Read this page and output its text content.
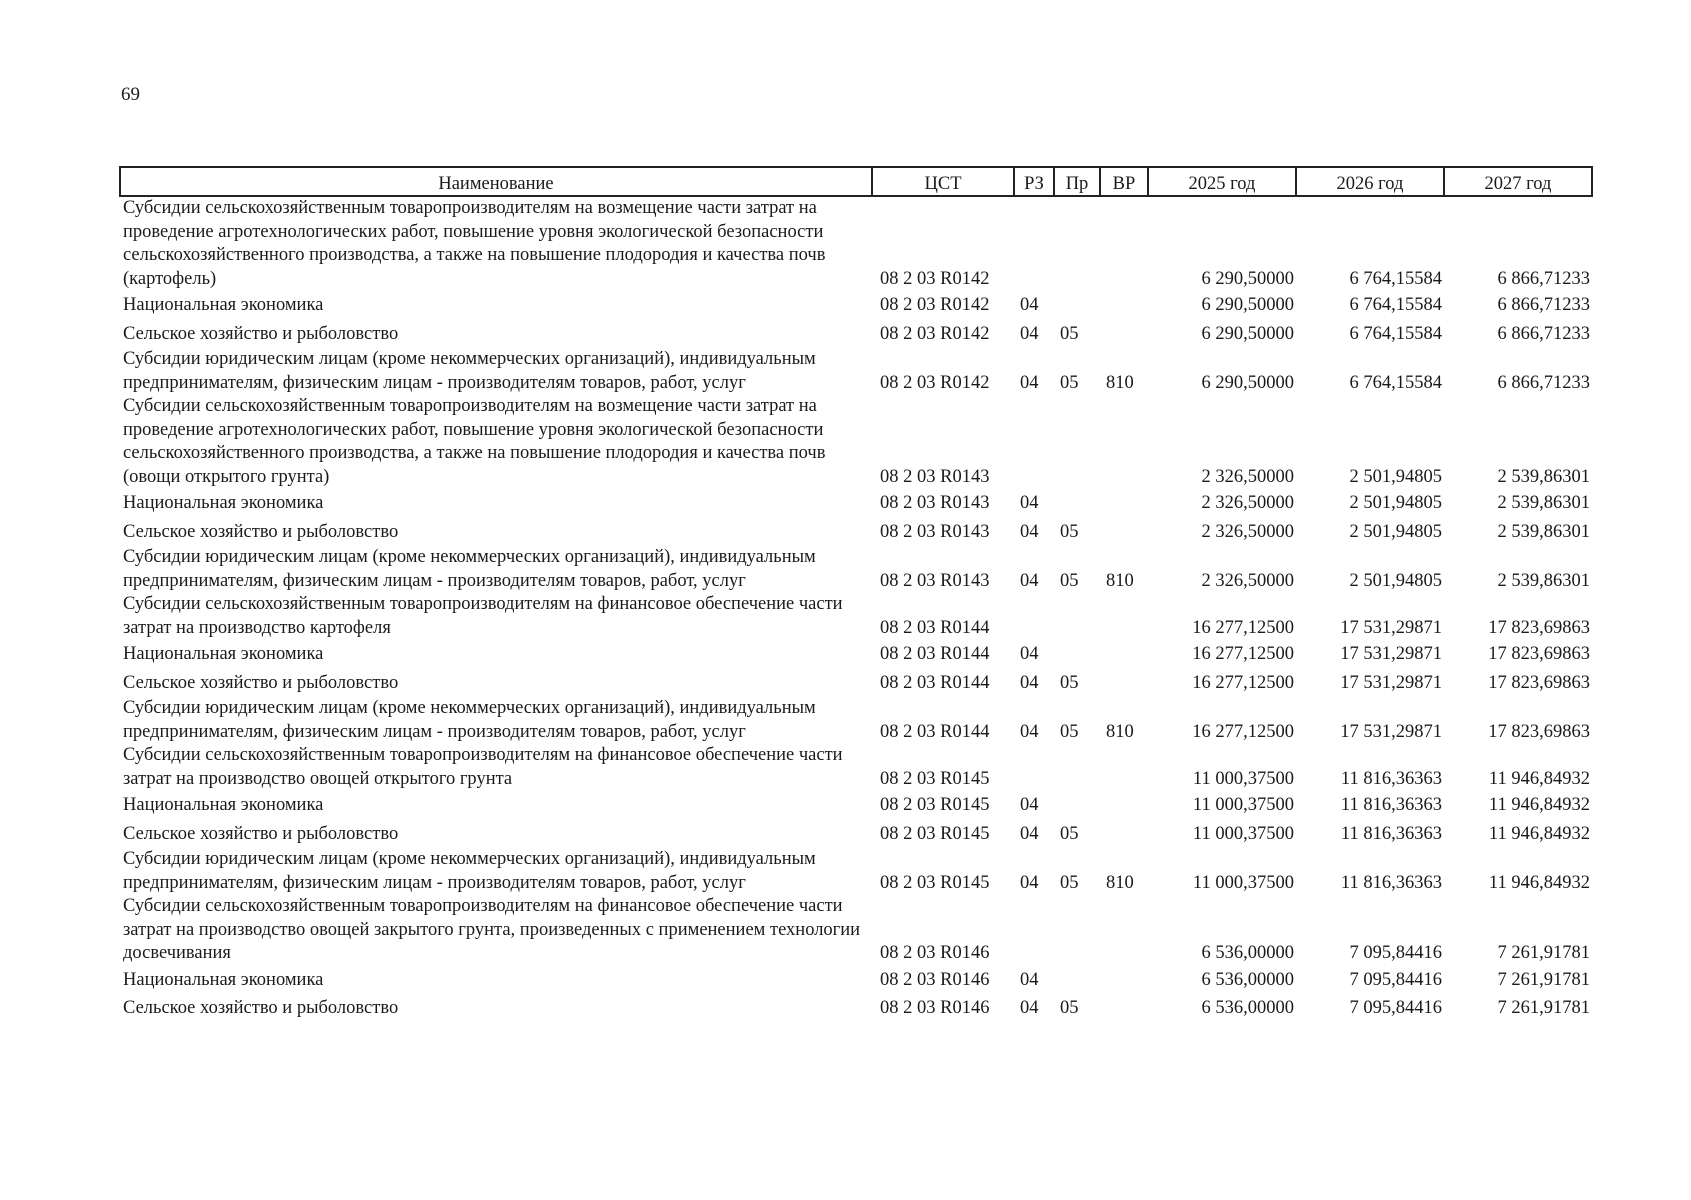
69
Наименование	ЦСТ	РЗ	Пр	ВР	2025 год	2026 год	2027 год
Субсидии сельскохозяйственным товаропроизводителям на возмещение части затрат на проведение агротехнологических работ, повышение уровня экологической безопасности сельскохозяйственного производства, а также на повышение плодородия и качества почв (картофель)	08 2 03 R0142				6 290,50000	6 764,15584	6 866,71233
Национальная экономика	08 2 03 R0142	04			6 290,50000	6 764,15584	6 866,71233
Сельское хозяйство и рыболовство	08 2 03 R0142	04	05		6 290,50000	6 764,15584	6 866,71233
Субсидии юридическим лицам (кроме некоммерческих организаций), индивидуальным предпринимателям, физическим лицам - производителям товаров, работ, услуг	08 2 03 R0142	04	05	810	6 290,50000	6 764,15584	6 866,71233
Субсидии сельскохозяйственным товаропроизводителям на возмещение части затрат на проведение агротехнологических работ, повышение уровня экологической безопасности сельскохозяйственного производства, а также на повышение плодородия и качества почв (овощи открытого грунта)	08 2 03 R0143				2 326,50000	2 501,94805	2 539,86301
Национальная экономика	08 2 03 R0143	04			2 326,50000	2 501,94805	2 539,86301
Сельское хозяйство и рыболовство	08 2 03 R0143	04	05		2 326,50000	2 501,94805	2 539,86301
Субсидии юридическим лицам (кроме некоммерческих организаций), индивидуальным предпринимателям, физическим лицам - производителям товаров, работ, услуг	08 2 03 R0143	04	05	810	2 326,50000	2 501,94805	2 539,86301
Субсидии сельскохозяйственным товаропроизводителям на финансовое обеспечение части затрат на производство картофеля	08 2 03 R0144				16 277,12500	17 531,29871	17 823,69863
Национальная экономика	08 2 03 R0144	04			16 277,12500	17 531,29871	17 823,69863
Сельское хозяйство и рыболовство	08 2 03 R0144	04	05		16 277,12500	17 531,29871	17 823,69863
Субсидии юридическим лицам (кроме некоммерческих организаций), индивидуальным предпринимателям, физическим лицам - производителям товаров, работ, услуг	08 2 03 R0144	04	05	810	16 277,12500	17 531,29871	17 823,69863
Субсидии сельскохозяйственным товаропроизводителям на финансовое обеспечение части затрат на производство овощей открытого грунта	08 2 03 R0145				11 000,37500	11 816,36363	11 946,84932
Национальная экономика	08 2 03 R0145	04			11 000,37500	11 816,36363	11 946,84932
Сельское хозяйство и рыболовство	08 2 03 R0145	04	05		11 000,37500	11 816,36363	11 946,84932
Субсидии юридическим лицам (кроме некоммерческих организаций), индивидуальным предпринимателям, физическим лицам - производителям товаров, работ, услуг	08 2 03 R0145	04	05	810	11 000,37500	11 816,36363	11 946,84932
Субсидии сельскохозяйственным товаропроизводителям на финансовое обеспечение части затрат на производство овощей закрытого грунта, произведенных с применением технологии досвечивания	08 2 03 R0146				6 536,00000	7 095,84416	7 261,91781
Национальная экономика	08 2 03 R0146	04			6 536,00000	7 095,84416	7 261,91781
Сельское хозяйство и рыболовство	08 2 03 R0146	04	05		6 536,00000	7 095,84416	7 261,91781
